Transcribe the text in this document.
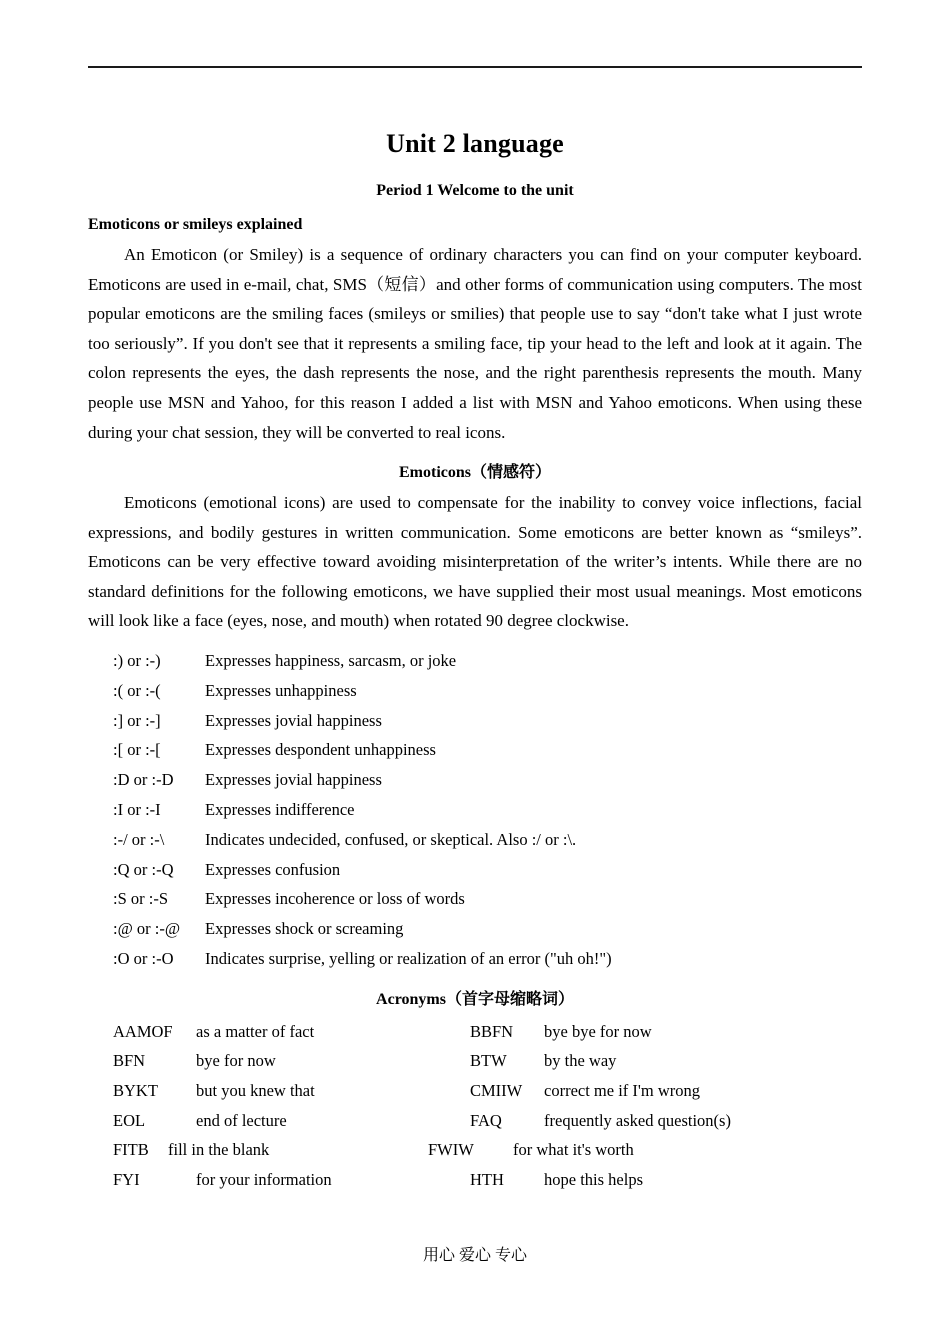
Unit 2 language
Period 1 Welcome to the unit
Emoticons or smileys explained

An Emoticon (or Smiley) is a sequence of ordinary characters you can find on your computer keyboard. Emoticons are used in e-mail, chat, SMS（短信）and other forms of communication using computers. The most popular emoticons are the smiling faces (smileys or smilies) that people use to say “don't take what I just wrote too seriously”. If you don't see that it represents a smiling face, tip your head to the left and look at it again. The colon represents the eyes, the dash represents the nose, and the right parenthesis represents the mouth. Many people use MSN and Yahoo, for this reason I added a list with MSN and Yahoo emoticons. When using these during your chat session, they will be converted to real icons.

Emoticons（情感符）

Emoticons (emotional icons) are used to compensate for the inability to convey voice inflections, facial expressions, and bodily gestures in written communication. Some emoticons are better known as “smileys”. Emoticons can be very effective toward avoiding misinterpretation of the writer’s intents. While there are no standard definitions for the following emoticons, we have supplied their most usual meanings. Most emoticons will look like a face (eyes, nose, and mouth) when rotated 90 degree clockwise.

:) or :-)	Expresses happiness, sarcasm, or joke
:( or :-(	Expresses unhappiness
:] or :-]	Expresses jovial happiness
:[ or :-[	Expresses despondent unhappiness
:D or :-D Expresses jovial happiness
:I or :-I	Expresses indifference
:-/ or :-\ Indicates undecided, confused, or skeptical. Also :/ or :\.
:Q or :-Q Expresses confusion
:S or :-S Expresses incoherence or loss of words
:@ or :-@ Expresses shock or screaming
:O or :-O Indicates surprise, yelling or realization of an error ("uh oh!")
Acronyms（首字母缩略词）
AAMOF as a matter of fact	BBFN bye bye for now
BFN	bye for now	BTW by the way
BYKT but you knew that	CMIIW correct me if I'm wrong
EOL	end of lecture	FAQ	frequently asked question(s)
FITB fill in the blank	FWIW for what it's worth
FYI	for your information	HTH hope this helps
用心 爱心 专心
